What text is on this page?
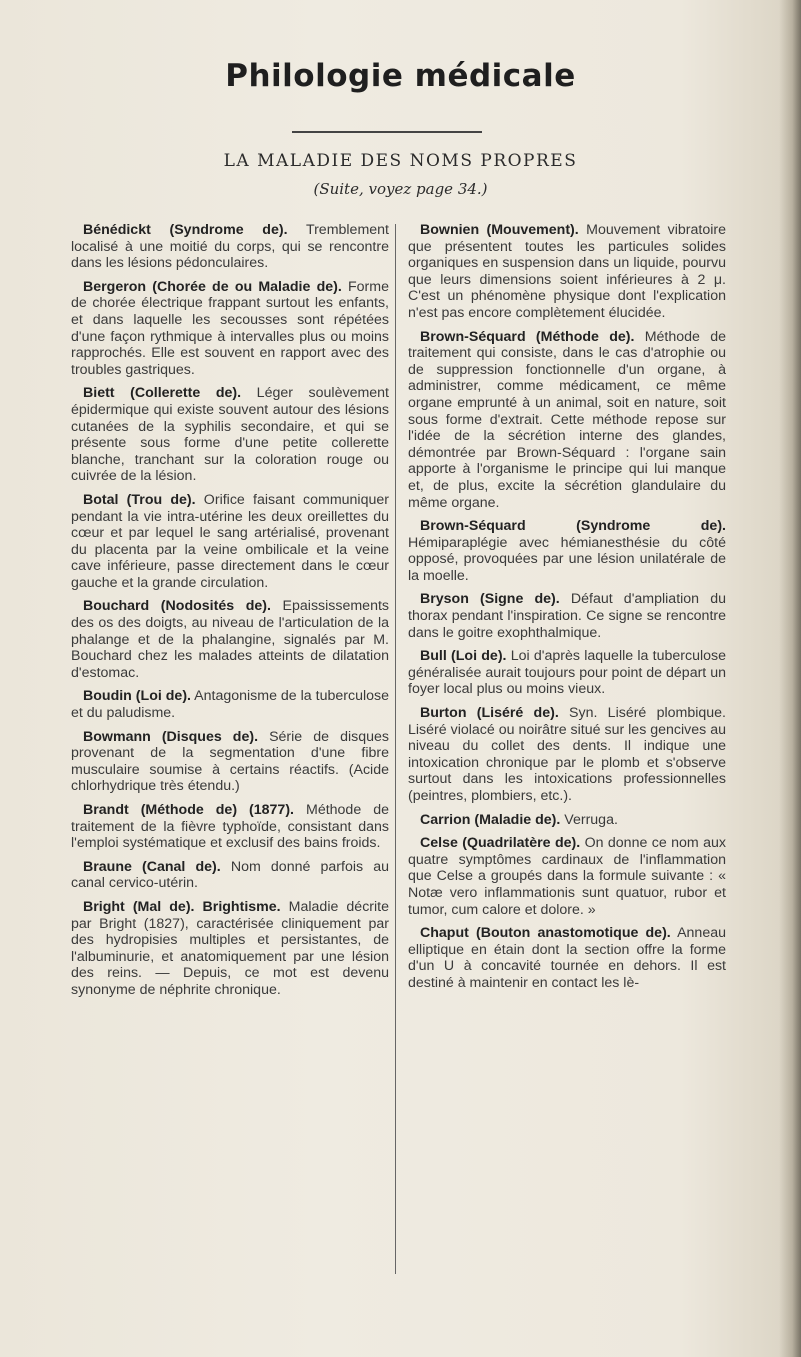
Philologie médicale
LA MALADIE DES NOMS PROPRES
(Suite, voyez page 34.)

Bénédickt (Syndrome de). Tremblement localisé à une moitié du corps, qui se rencontre dans les lésions pédonculaires.

Bergeron (Chorée de ou Maladie de). Forme de chorée électrique frappant surtout les enfants, et dans laquelle les secousses sont répétées d'une façon rythmique à intervalles plus ou moins rapprochés. Elle est souvent en rapport avec des troubles gastriques.

Biett (Collerette de). Léger soulèvement épidermique qui existe souvent autour des lésions cutanées de la syphilis secondaire, et qui se présente sous forme d'une petite collerette blanche, tranchant sur la coloration rouge ou cuivrée de la lésion.

Botal (Trou de). Orifice faisant communiquer pendant la vie intra-utérine les deux oreillettes du cœur et par lequel le sang artérialisé, provenant du placenta par la veine ombilicale et la veine cave inférieure, passe directement dans le cœur gauche et la grande circulation.

Bouchard (Nodosités de). Epaississements des os des doigts, au niveau de l'articulation de la phalange et de la phalangine, signalés par M. Bouchard chez les malades atteints de dilatation d'estomac.

Boudin (Loi de). Antagonisme de la tuberculose et du paludisme.

Bowmann (Disques de). Série de disques provenant de la segmentation d'une fibre musculaire soumise à certains réactifs. (Acide chlorhydrique très étendu.)

Brandt (Méthode de) (1877). Méthode de traitement de la fièvre typhoïde, consistant dans l'emploi systématique et exclusif des bains froids.

Braune (Canal de). Nom donné parfois au canal cervico-utérin.

Bright (Mal de). Brightisme. Maladie décrite par Bright (1827), caractérisée cliniquement par des hydropisies multiples et persistantes, de l'albuminurie, et anatomiquement par une lésion des reins. — Depuis, ce mot est devenu synonyme de néphrite chronique.

Bownien (Mouvement). Mouvement vibratoire que présentent toutes les particules solides organiques en suspension dans un liquide, pourvu que leurs dimensions soient inférieures à 2 μ. C'est un phénomène physique dont l'explication n'est pas encore complètement élucidée.

Brown-Séquard (Méthode de). Méthode de traitement qui consiste, dans le cas d'atrophie ou de suppression fonctionnelle d'un organe, à administrer, comme médicament, ce même organe emprunté à un animal, soit en nature, soit sous forme d'extrait. Cette méthode repose sur l'idée de la sécrétion interne des glandes, démontrée par Brown-Séquard : l'organe sain apporte à l'organisme le principe qui lui manque et, de plus, excite la sécrétion glandulaire du même organe.

Brown-Séquard (Syndrome de). Hémiparaplégie avec hémianesthésie du côté opposé, provoquées par une lésion unilatérale de la moelle.

Bryson (Signe de). Défaut d'ampliation du thorax pendant l'inspiration. Ce signe se rencontre dans le goitre exophthalmique.

Bull (Loi de). Loi d'après laquelle la tuberculose généralisée aurait toujours pour point de départ un foyer local plus ou moins vieux.

Burton (Liséré de). Syn. Liséré plombique. Liséré violacé ou noirâtre situé sur les gencives au niveau du collet des dents. Il indique une intoxication chronique par le plomb et s'observe surtout dans les intoxications professionnelles (peintres, plombiers, etc.).

Carrion (Maladie de). Verruga.

Celse (Quadrilatère de). On donne ce nom aux quatre symptômes cardinaux de l'inflammation que Celse a groupés dans la formule suivante : « Notæ vero inflammationis sunt quatuor, rubor et tumor, cum calore et dolore. »

Chaput (Bouton anastomotique de). Anneau elliptique en étain dont la section offre la forme d'un U à concavité tournée en dehors. Il est destiné à maintenir en contact les lè-
